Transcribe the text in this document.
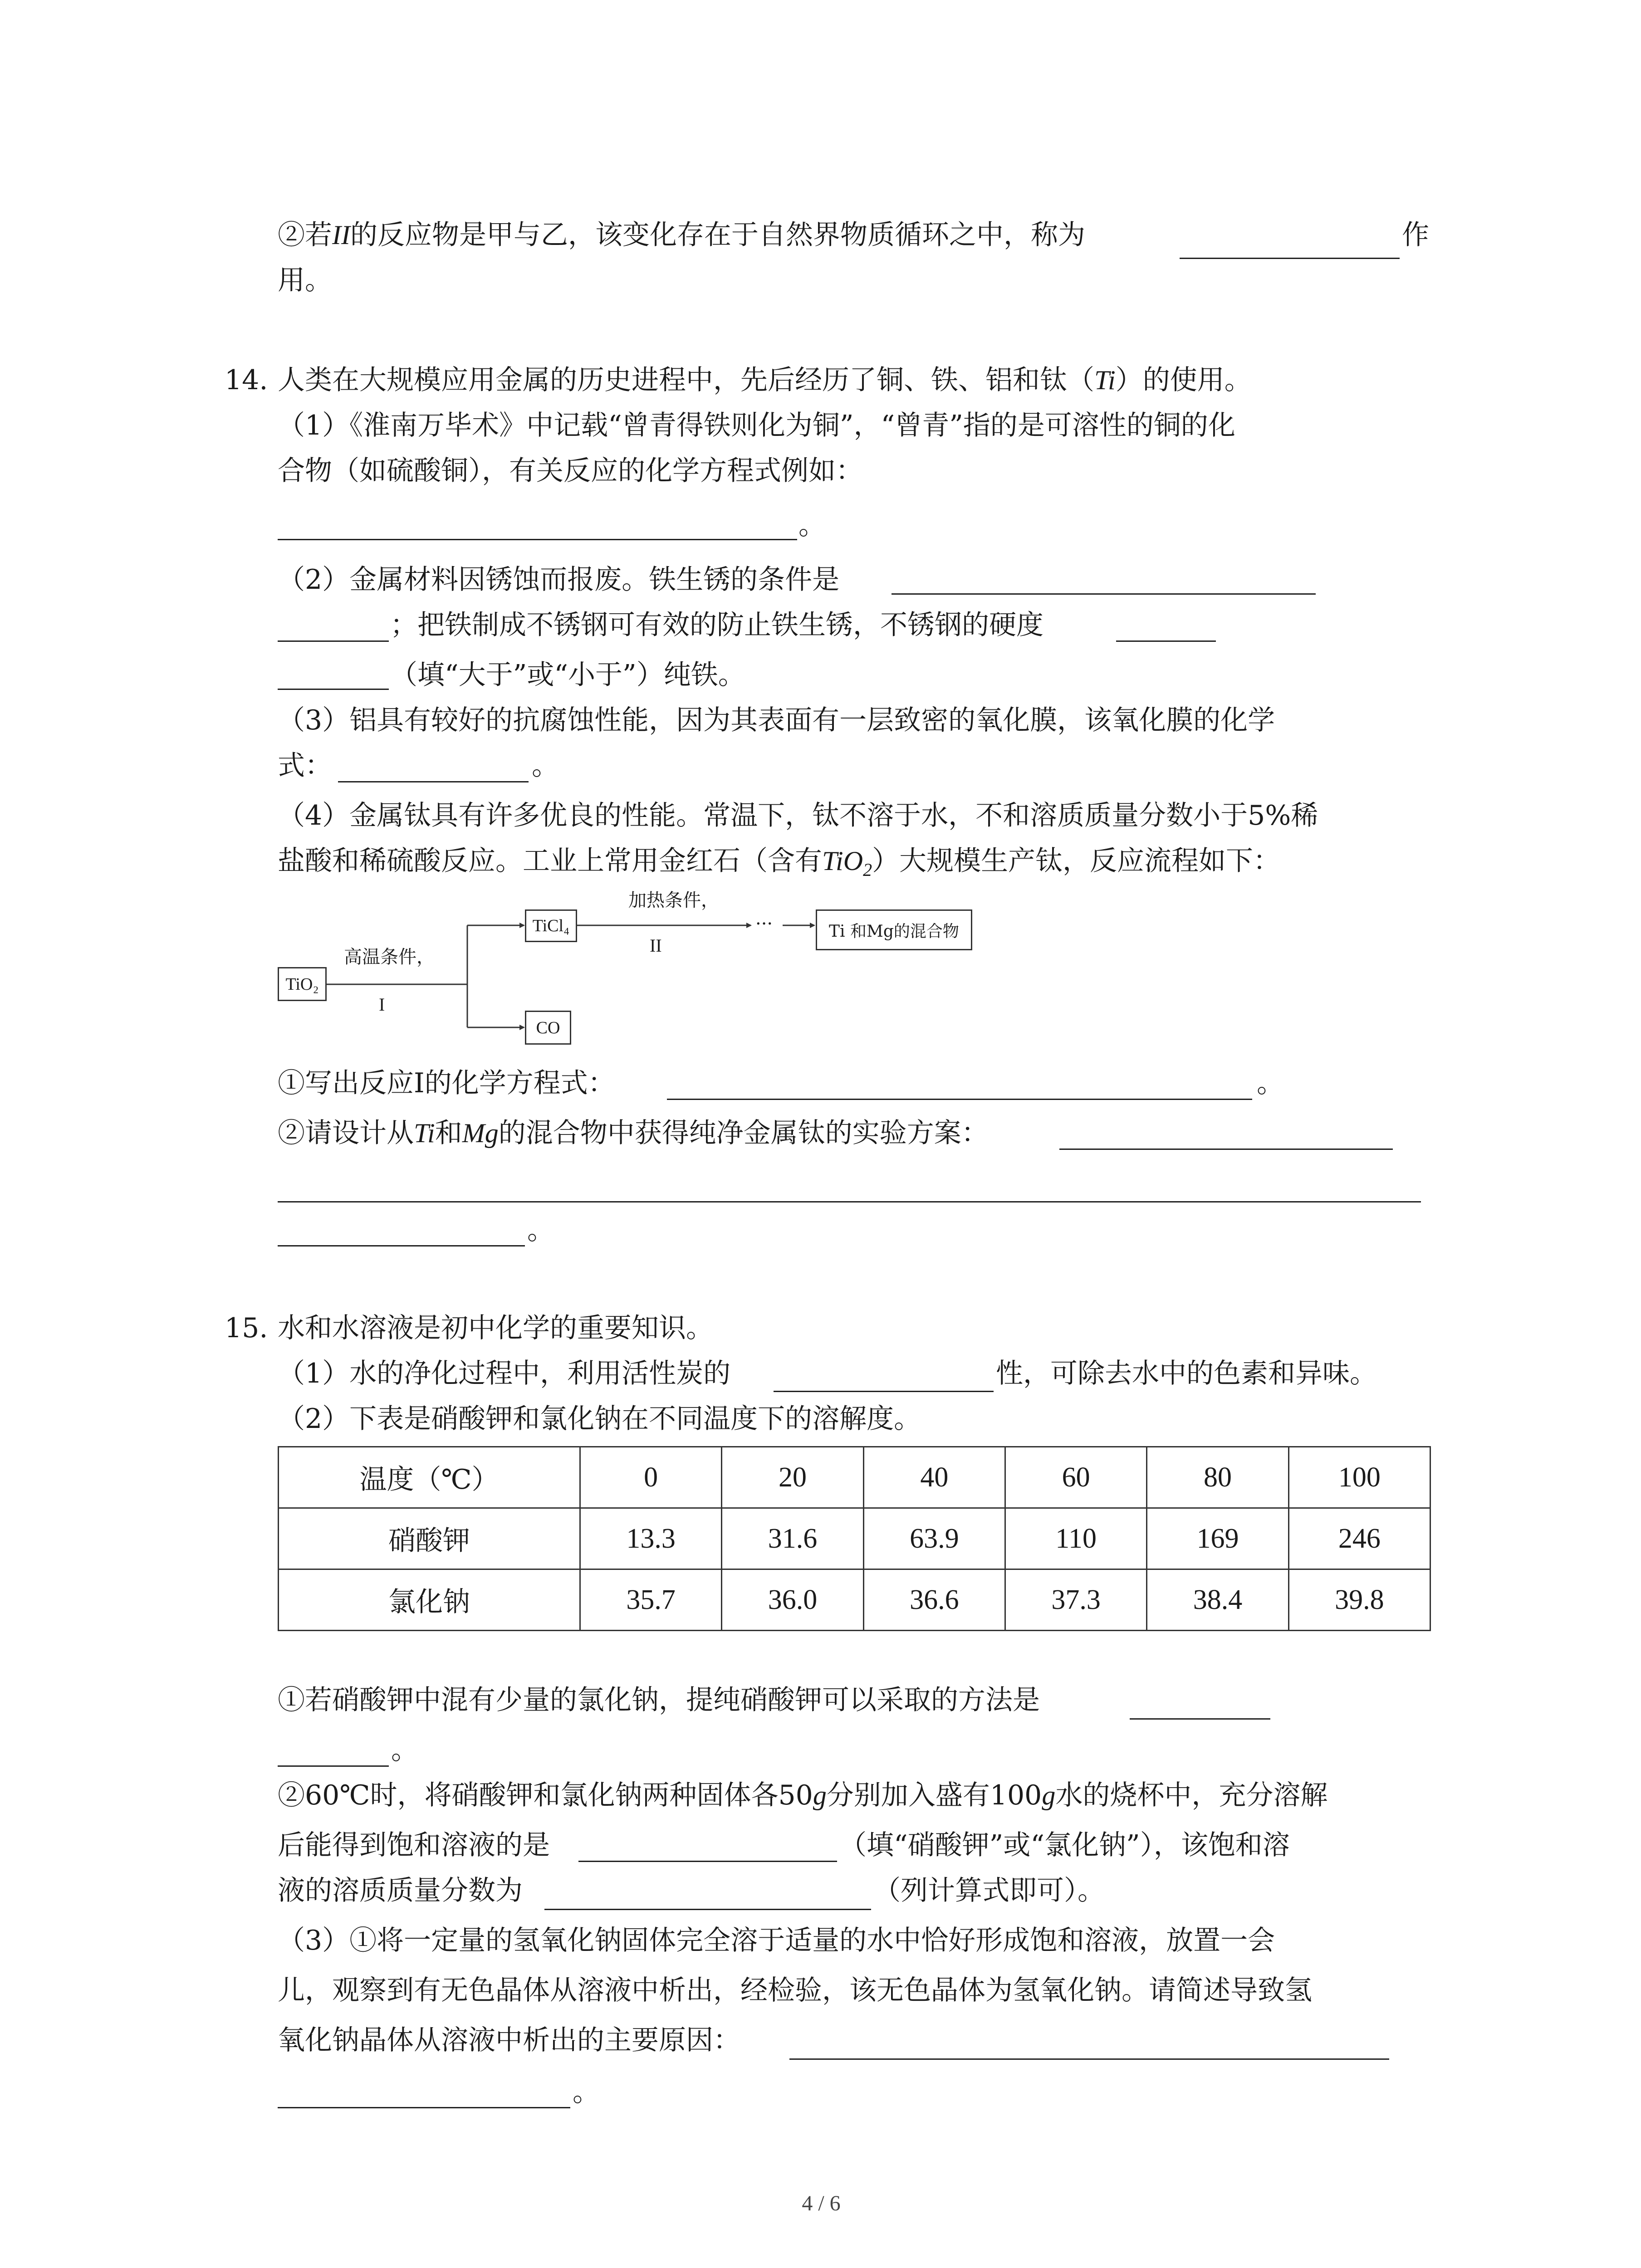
②若II的反应物是甲与乙，该变化存在于自然界物质循环之中，称为	作
用。
14. 人类在大规模应用金属的历史进程中，先后经历了铜、铁、铝和钛（Ti）的使用。
（1）《淮南万毕术》中记载“曾青得铁则化为铜”，“曾青”指的是可溶性的铜的化
合物（如硫酸铜），有关反应的化学方程式例如：
。
（2）金属材料因锈蚀而报废。铁生锈的条件是
；把铁制成不锈钢可有效的防止铁生锈，不锈钢的硬度
（填“大于”或“小于”）纯铁。
（3）铝具有较好的抗腐蚀性能，因为其表面有一层致密的氧化膜，该氧化膜的化学
式：	。
（4）金属钛具有许多优良的性能。常温下，钛不溶于水，不和溶质质量分数小于5%稀
盐酸和稀硫酸反应。工业上常用金红石（含有TiO$_2$）大规模生产钛，反应流程如下：
TiO₂
高温条件，
I
TiCl₄
CO
加热条件，
II
···	Ti 和Mg的混合物
①写出反应Ⅰ的化学方程式：	。
②请设计从Ti和Mg的混合物中获得纯净金属钛的实验方案：
。
15. 水和水溶液是初中化学的重要知识。
（1）水的净化过程中，利用活性炭的	性，可除去水中的色素和异味。
（2）下表是硝酸钾和氯化钠在不同温度下的溶解度。
温度（℃）	0	20	40	60	80	100
硝酸钾	13.3	31.6	63.9	110	169	246
氯化钠	35.7	36.0	36.6	37.3	38.4	39.8
①若硝酸钾中混有少量的氯化钠，提纯硝酸钾可以采取的方法是
。
②60℃时，将硝酸钾和氯化钠两种固体各50g分别加入盛有100g水的烧杯中，充分溶解
后能得到饱和溶液的是	（填“硝酸钾”或“氯化钠”），该饱和溶
液的溶质质量分数为	（列计算式即可）。
（3）①将一定量的氢氧化钠固体完全溶于适量的水中恰好形成饱和溶液，放置一会
儿，观察到有无色晶体从溶液中析出，经检验，该无色晶体为氢氧化钠。请简述导致氢
氧化钠晶体从溶液中析出的主要原因：
。
4 / 6
